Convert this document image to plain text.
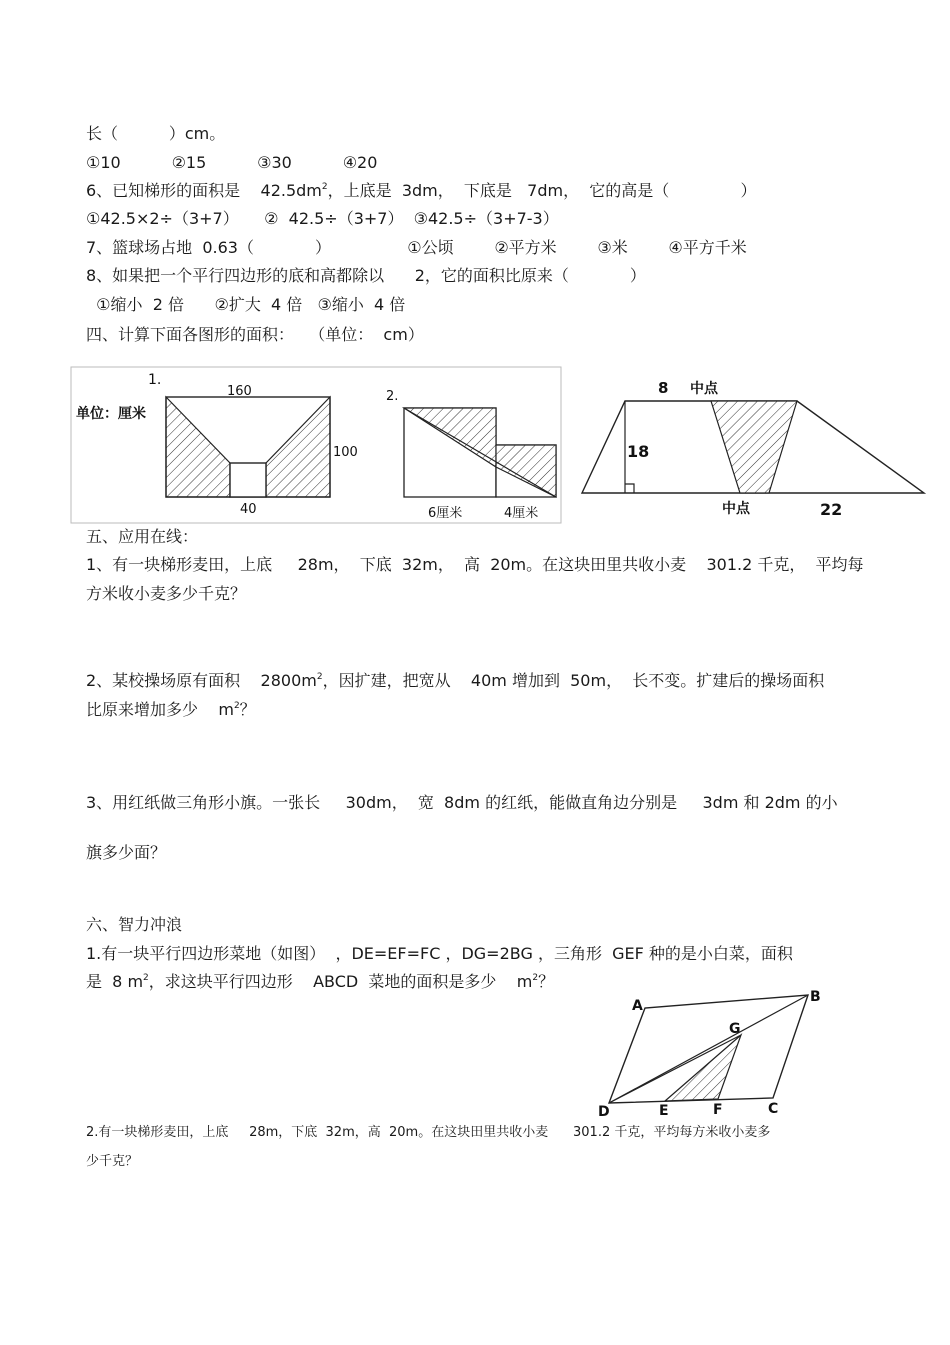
长（          ）cm。
①10          ②15          ③30          ④20
6、已知梯形的面积是    $42.5dm^2$，上底是  3dm，  下底是   7dm，  它的高是（              ）
①42.5×2÷（3+7）     ②  42.5÷（3+7）  ③42.5÷（3+7-3）
7、篮球场占地  0.63（            ）               ①公顷        ②平方米        ③米        ④平方千米
8、如果把一个平行四边形的底和高都除以      2，它的面积比原来（            ）
①缩小  2 倍      ②扩大  4 倍   ③缩小  4 倍
四、计算下面各图形的面积：   （单位：  cm）
1.
单位：厘米
160
100
40
2.
6厘米	4厘米
8 中点
18
中点	22
A
B
C
D	E	F
G
五、应用在线：
1、有一块梯形麦田，上底     28m，  下底  32m，  高  20m。在这块田里共收小麦    301.2 千克，  平均每
方米收小麦多少千克？
2、某校操场原有面积    $2800m^2$，因扩建，把宽从    40m 增加到  50m，  长不变。扩建后的操场面积
比原来增加多少    $m^2$？
3、用红纸做三角形小旗。一张长     30dm，  宽  8dm 的红纸，能做直角边分别是     3dm 和 2dm 的小
旗多少面？
六、智力冲浪
1.有一块平行四边形菜地（如图）  ，DE=EF=FC ，DG=2BG ，三角形  GEF 种的是小白菜，面积
是  8 $m^2$，求这块平行四边形    ABCD  菜地的面积是多少    $m^2$？
2.有一块梯形麦田，上底     28m，下底  32m，高  20m。在这块田里共收小麦      301.2 千克，平均每方米收小麦多
少千克？
